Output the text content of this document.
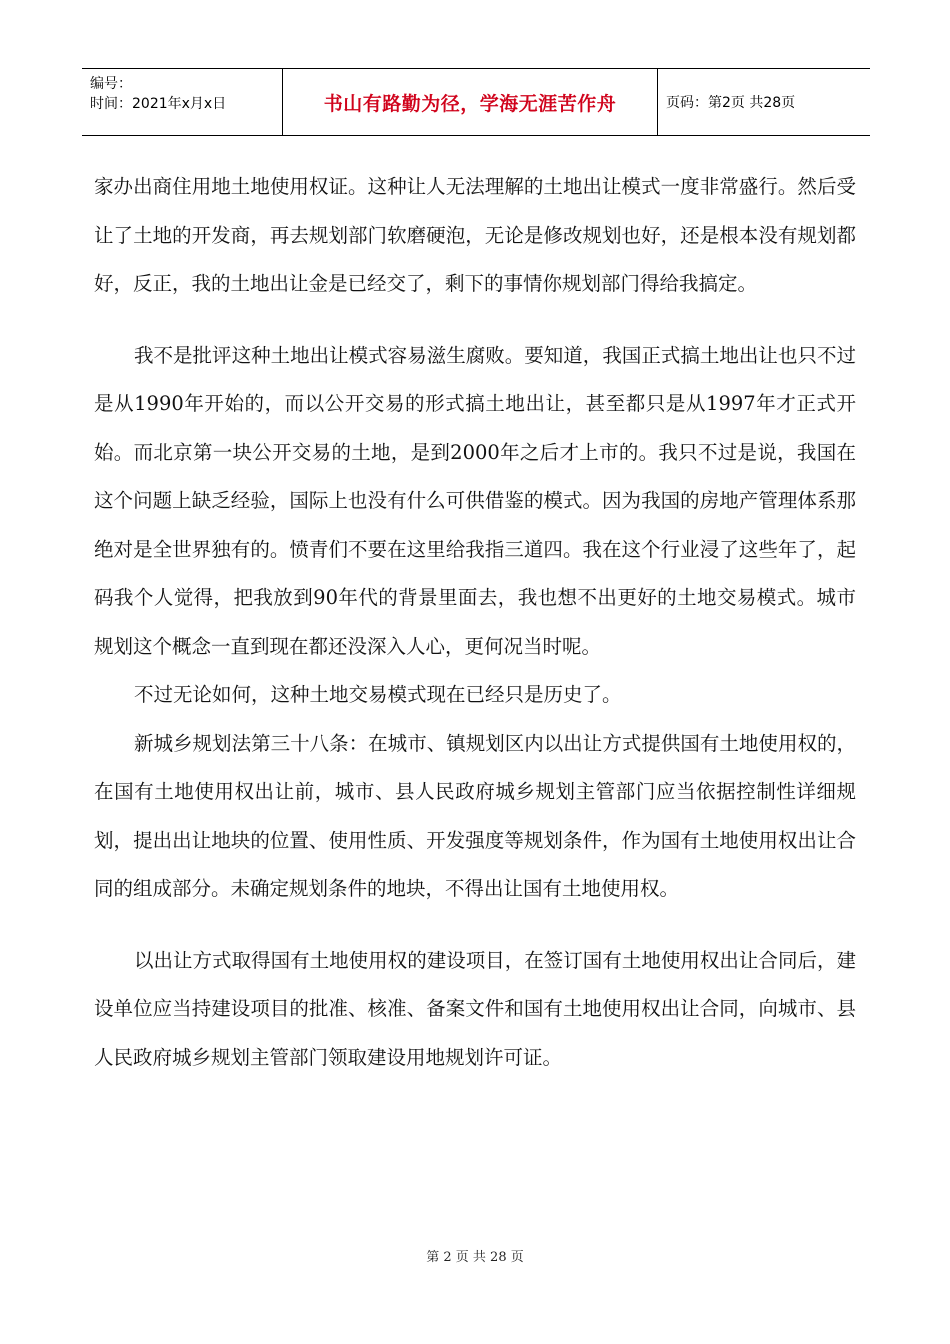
编号：
时间：2021年x月x日	书山有路勤为径，学海无涯苦作舟	页码：第2页 共28页

家办出商住用地土地使用权证。这种让人无法理解的土地出让模式一度非常盛行。然后受让了土地的开发商，再去规划部门软磨硬泡，无论是修改规划也好，还是根本没有规划都好，反正，我的土地出让金是已经交了，剩下的事情你规划部门得给我搞定。

我不是批评这种土地出让模式容易滋生腐败。要知道，我国正式搞土地出让也只不过是从1990年开始的，而以公开交易的形式搞土地出让，甚至都只是从1997年才正式开始。而北京第一块公开交易的土地，是到2000年之后才上市的。我只不过是说，我国在这个问题上缺乏经验，国际上也没有什么可供借鉴的模式。因为我国的房地产管理体系那绝对是全世界独有的。愤青们不要在这里给我指三道四。我在这个行业浸了这些年了，起码我个人觉得，把我放到90年代的背景里面去，我也想不出更好的土地交易模式。城市规划这个概念一直到现在都还没深入人心，更何况当时呢。

不过无论如何，这种土地交易模式现在已经只是历史了。

新城乡规划法第三十八条：在城市、镇规划区内以出让方式提供国有土地使用权的，在国有土地使用权出让前，城市、县人民政府城乡规划主管部门应当依据控制性详细规划，提出出让地块的位置、使用性质、开发强度等规划条件，作为国有土地使用权出让合同的组成部分。未确定规划条件的地块，不得出让国有土地使用权。

以出让方式取得国有土地使用权的建设项目，在签订国有土地使用权出让合同后，建设单位应当持建设项目的批准、核准、备案文件和国有土地使用权出让合同，向城市、县人民政府城乡规划主管部门领取建设用地规划许可证。

第 2 页 共 28 页
